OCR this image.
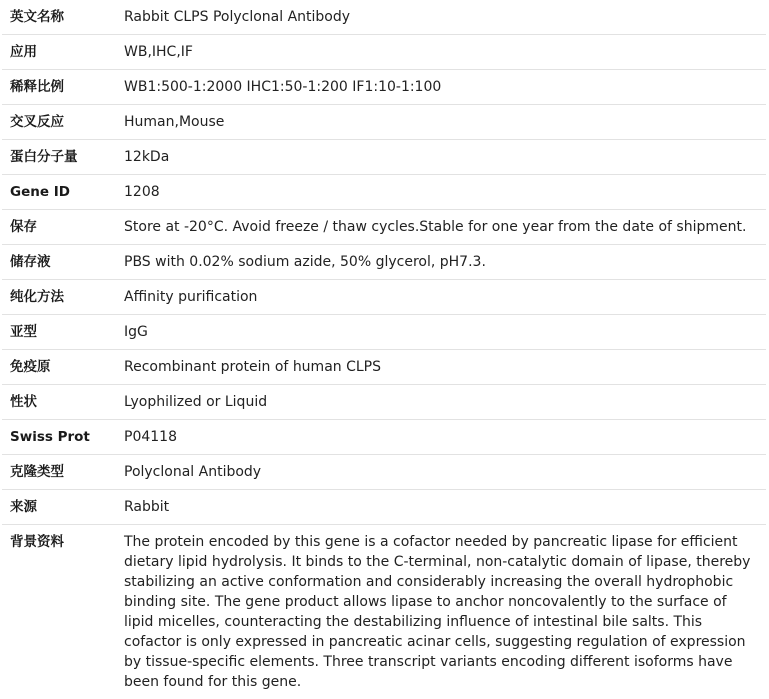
英文名称	Rabbit CLPS Polyclonal Antibody
应用	WB,IHC,IF
稀释比例	WB1:500-1:2000 IHC1:50-1:200 IF1:10-1:100
交叉反应	Human,Mouse
蛋白分子量	12kDa
Gene ID	1208
保存	Store at -20°C. Avoid freeze / thaw cycles.Stable for one year from the date of shipment.
储存液	PBS with 0.02% sodium azide, 50% glycerol, pH7.3.
纯化方法	Affinity purification
亚型	IgG
免疫原	Recombinant protein of human CLPS
性状	Lyophilized or Liquid
Swiss Prot	P04118
克隆类型	Polyclonal Antibody
来源	Rabbit
背景资料	The protein encoded by this gene is a cofactor needed by pancreatic lipase for efficient dietary lipid hydrolysis. It binds to the C-terminal, non-catalytic domain of lipase, thereby stabilizing an active conformation and considerably increasing the overall hydrophobic binding site. The gene product allows lipase to anchor noncovalently to the surface of lipid micelles, counteracting the destabilizing influence of intestinal bile salts. This cofactor is only expressed in pancreatic acinar cells, suggesting regulation of expression by tissue-specific elements. Three transcript variants encoding different isoforms have been found for this gene.
